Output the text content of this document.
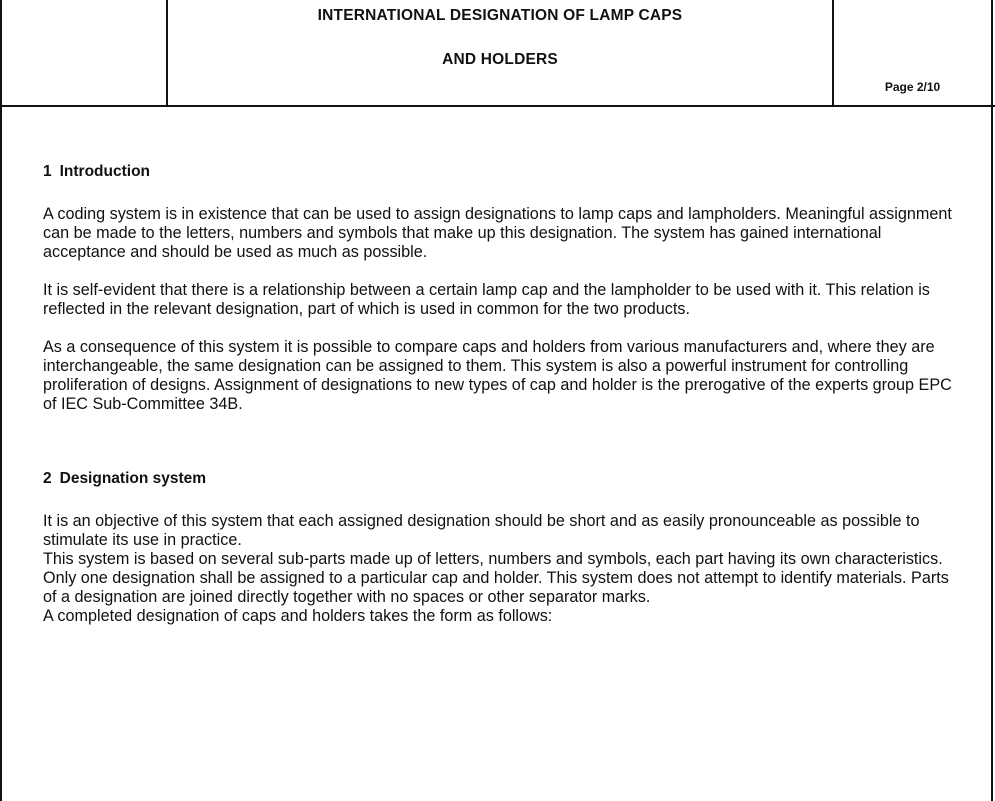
INTERNATIONAL DESIGNATION OF LAMP CAPS
AND HOLDERS
Page 2/10
1 Introduction

A coding system is in existence that can be used to assign designations to lamp caps and lampholders. Meaningful assignment can be made to the letters, numbers and symbols that make up this designation. The system has gained international acceptance and should be used as much as possible.

It is self-evident that there is a relationship between a certain lamp cap and the lampholder to be used with it. This relation is reflected in the relevant designation, part of which is used in common for the two products.

As a consequence of this system it is possible to compare caps and holders from various manufacturers and, where they are interchangeable, the same designation can be assigned to them. This system is also a powerful instrument for controlling proliferation of designs. Assignment of designations to new types of cap and holder is the prerogative of the experts group EPC of IEC Sub-Committee 34B.

2 Designation system

It is an objective of this system that each assigned designation should be short and as easily pronounceable as possible to stimulate its use in practice.

This system is based on several sub-parts made up of letters, numbers and symbols, each part having its own characteristics. Only one designation shall be assigned to a particular cap and holder. This system does not attempt to identify materials. Parts of a designation are joined directly together with no spaces or other separator marks.

A completed designation of caps and holders takes the form as follows:
